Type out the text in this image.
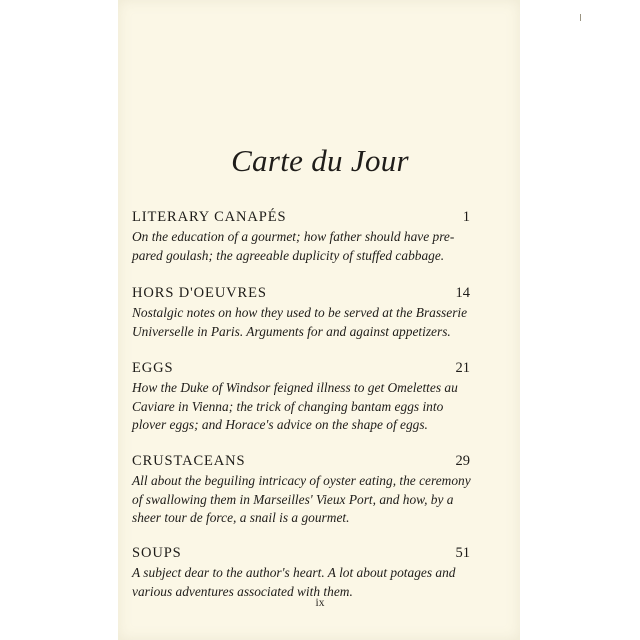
Carte du Jour
LITERARY CANAPÉS	1
On the education of a gourmet; how father should have pre-
pared goulash; the agreeable duplicity of stuffed cabbage.
HORS D'OEUVRES	14
Nostalgic notes on how they used to be served at the Brasserie
Universelle in Paris. Arguments for and against appetizers.
EGGS	21
How the Duke of Windsor feigned illness to get Omelettes au
Caviare in Vienna; the trick of changing bantam eggs into
plover eggs; and Horace's advice on the shape of eggs.
CRUSTACEANS	29
All about the beguiling intricacy of oyster eating, the ceremony
of swallowing them in Marseilles' Vieux Port, and how, by a
sheer tour de force, a snail is a gourmet.
SOUPS	51
A subject dear to the author's heart. A lot about potages and
various adventures associated with them.
ix
